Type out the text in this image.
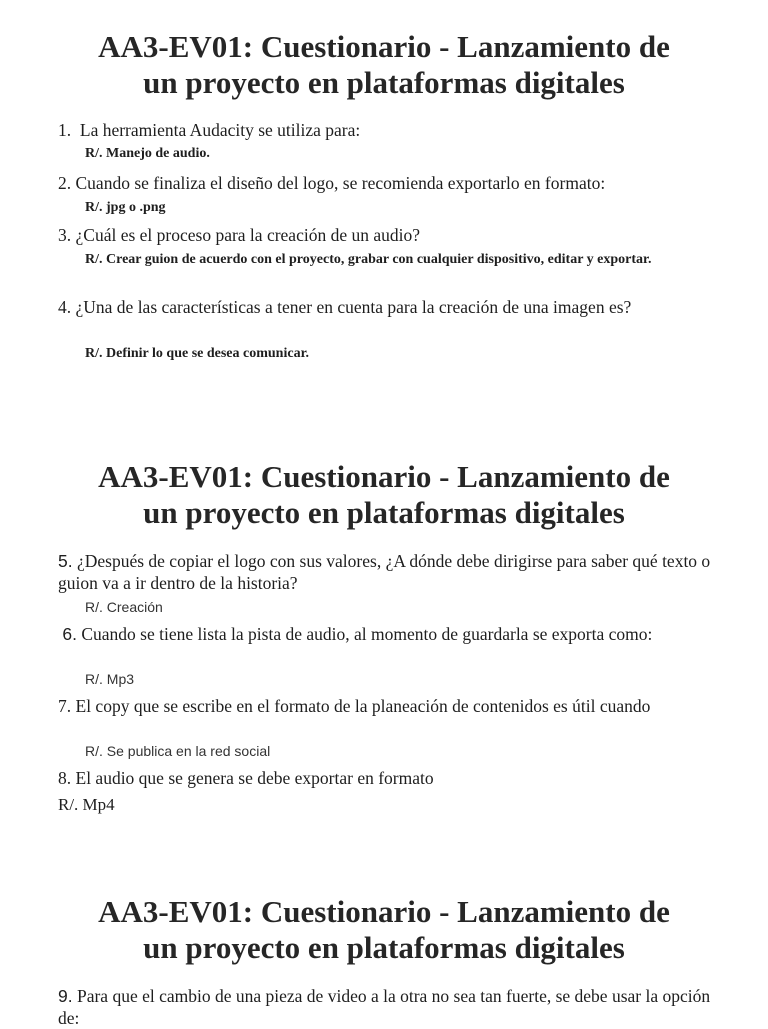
AA3-EV01: Cuestionario - Lanzamiento de
un proyecto en plataformas digitales

1.  La herramienta Audacity se utiliza para:

R/. Manejo de audio.

2. Cuando se finaliza el diseño del logo, se recomienda exportarlo en formato:

R/. jpg o .png

3. ¿Cuál es el proceso para la creación de un audio?

R/. Crear guion de acuerdo con el proyecto, grabar con cualquier dispositivo, editar y exportar.

4. ¿Una de las características a tener en cuenta para la creación de una imagen es?

R/. Definir lo que se desea comunicar.

AA3-EV01: Cuestionario - Lanzamiento de
un proyecto en plataformas digitales

5. ¿Después de copiar el logo con sus valores, ¿A dónde debe dirigirse para saber qué texto o guion va a ir dentro de la historia?

R/. Creación

6. Cuando se tiene lista la pista de audio, al momento de guardarla se exporta como:

R/. Mp3

7. El copy que se escribe en el formato de la planeación de contenidos es útil cuando

R/. Se publica en la red social

8. El audio que se genera se debe exportar en formato

R/. Mp4

AA3-EV01: Cuestionario - Lanzamiento de
un proyecto en plataformas digitales

9. Para que el cambio de una pieza de video a la otra no sea tan fuerte, se debe usar la opción de:
